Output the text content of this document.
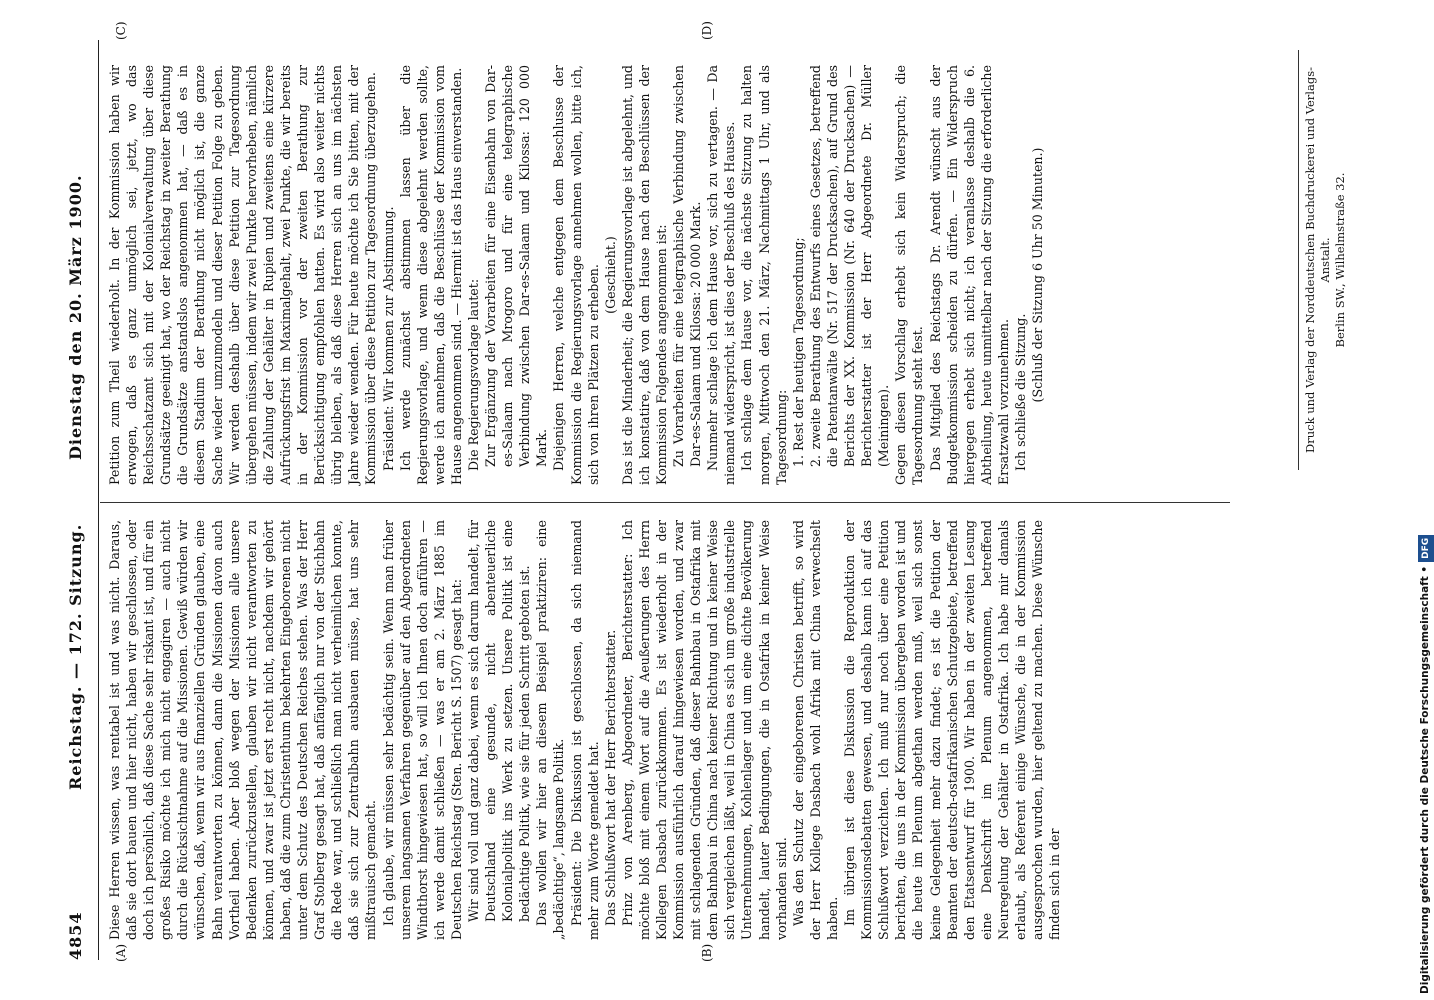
4854
Reichstag. — 172. Sitzung.
Dienstag den 20. März 1900.
(A)	(B)
(C)	(D)

Diese Herren wissen, was rentabel ist und was nicht. Daraus, daß sie dort bauen und hier nicht, haben wir geschlossen, oder doch ich persönlich, daß diese Sache sehr riskant ist, und für ein großes Risiko möchte ich mich nicht engagiren — auch nicht durch die Rücksichtnahme auf die Missionen. Gewiß würden wir wünschen, daß, wenn wir aus finanziellen Gründen glauben, eine Bahn verantworten zu können, dann die Missionen davon auch Vortheil haben. Aber bloß wegen der Missionen alle unsere Bedenken zurückzustellen, glauben wir nicht verantworten zu können, und zwar ist jetzt erst recht nicht, nachdem wir gehört haben, daß die zum Christenthum bekehrten Eingeborenen nicht unter dem Schutz des Deutschen Reiches stehen. Was der Herr Graf Stolberg gesagt hat, daß anfänglich nur von der Stichbahn die Rede war, und schließlich man nicht verheimlichen konnte, daß sie sich zur Zentralbahn ausbauen müsse, hat uns sehr mißtrauisch gemacht. Ich glaube, wir müssen sehr bedächtig sein. Wenn man früher unserem langsamen Verfahren gegenüber auf den Abgeordneten Windthorst hingewiesen hat, so will ich Ihnen doch anführen — ich werde damit schließen — was er am 2. März 1885 im Deutschen Reichstag (Sten. Bericht S. 1507) gesagt hat: Wir sind voll und ganz dabei, wenn es sich darum handelt, für Deutschland eine gesunde, nicht abenteuerliche Kolonialpolitik ins Werk zu setzen. Unsere Politik ist eine bedächtige Politik, wie sie für jeden Schritt geboten ist. Das wollen wir hier an diesem Beispiel praktiziren: eine „bedächtige“, langsame Politik. Präsident: Die Diskussion ist geschlossen, da sich niemand mehr zum Worte gemeldet hat. Das Schlußwort hat der Herr Berichterstatter. Prinz von Arenberg, Abgeordneter, Berichterstatter: Ich möchte bloß mit einem Wort auf die Aeußerungen des Herrn Kollegen Dasbach zurückkommen. Es ist wiederholt in der Kommission ausführlich darauf hingewiesen worden, und zwar mit schlagenden Gründen, daß dieser Bahnbau in Ostafrika mit dem Bahnbau in China nach keiner Richtung und in keiner Weise sich vergleichen läßt, weil in China es sich um große industrielle Unternehmungen, Kohlenlager und um eine dichte Bevölkerung handelt, lauter Bedingungen, die in Ostafrika in keiner Weise vorhanden sind. Was den Schutz der eingeborenen Christen betrifft, so wird der Herr Kollege Dasbach wohl Afrika mit China verwechselt haben. Im übrigen ist diese Diskussion die Reproduktion der Kommissionsdebatten gewesen, und deshalb kann ich auf das Schlußwort verzichten. Ich muß nur noch über eine Petition berichten, die uns in der Kommission übergeben worden ist und die heute im Plenum abgethan werden muß, weil sich sonst keine Gelegenheit mehr dazu findet; es ist die Petition der Beamten der deutsch-ostafrikanischen Schutzgebiete, betreffend den Etatsentwurf für 1900. Wir haben in der zweiten Lesung eine Denkschrift im Plenum angenommen, betreffend Neuregelung der Gehälter in Ostafrika. Ich habe mir damals erlaubt, als Referent einige Wünsche, die in der Kommission ausgesprochen wurden, hier geltend zu machen. Diese Wünsche finden sich in der

Petition zum Theil wiederholt. In der Kommission haben wir erwogen, daß es ganz unmöglich sei, jetzt, wo das Reichsschatzamt sich mit der Kolonialverwaltung über diese Grundsätze geeinigt hat, wo der Reichstag in zweiter Berathung die Grundsätze anstandslos angenommen hat, — daß es in diesem Stadium der Berathung nicht möglich ist, die ganze Sache wieder umzumodeln und dieser Petition Folge zu geben. Wir werden deshalb über diese Petition zur Tagesordnung übergehen müssen, indem wir zwei Punkte hervorheben, nämlich die Zahlung der Gehälter in Rupien und zweitens eine kürzere Aufrückungsfrist im Maximalgehalt, zwei Punkte, die wir bereits in der Kommission vor der zweiten Berathung zur Berücksichtigung empfohlen hatten. Es wird also weiter nichts übrig bleiben, als daß diese Herren sich an uns im nächsten Jahre wieder wenden. Für heute möchte ich Sie bitten, mit der Kommission über diese Petition zur Tagesordnung überzugehen. Präsident: Wir kommen zur Abstimmung. Ich werde zunächst abstimmen lassen über die Regierungsvorlage, und wenn diese abgelehnt werden sollte, werde ich annehmen, daß die Beschlüsse der Kommission vom Hause angenommen sind. — Hiermit ist das Haus einverstanden. Die Regierungsvorlage lautet: Zur Ergänzung der Vorarbeiten für eine Eisenbahn von Dar-es-Salaam nach Mrogoro und für eine telegraphische Verbindung zwischen Dar-es-Salaam und Kilossa: 120 000 Mark. Diejenigen Herren, welche entgegen dem Beschlusse der Kommission die Regierungsvorlage annehmen wollen, bitte ich, sich von ihren Plätzen zu erheben. (Geschieht.) Das ist die Minderheit; die Regierungsvorlage ist abgelehnt, und ich konstatire, daß von dem Hause nach den Beschlüssen der Kommission Folgendes angenommen ist: Zu Vorarbeiten für eine telegraphische Verbindung zwischen Dar-es-Salaam und Kilossa: 20 000 Mark. Nunmehr schlage ich dem Hause vor, sich zu vertagen. — Da niemand widerspricht, ist dies der Beschluß des Hauses. Ich schlage dem Hause vor, die nächste Sitzung zu halten morgen, Mittwoch den 21. März, Nachmittags 1 Uhr, und als Tagesordnung: 1. Rest der heutigen Tagesordnung; 2. zweite Berathung des Entwurfs eines Gesetzes, betreffend die Patentanwälte (Nr. 517 der Drucksachen), auf Grund des Berichts der XX. Kommission (Nr. 640 der Drucksachen) — Berichterstatter ist der Herr Abgeordnete Dr. Müller (Meiningen). Gegen diesen Vorschlag erhebt sich kein Widerspruch; die Tagesordnung steht fest. Das Mitglied des Reichstags Dr. Arendt wünscht aus der Budgetkommission scheiden zu dürfen. — Ein Widerspruch hiergegen erhebt sich nicht; ich veranlasse deshalb die 6. Abtheilung, heute unmittelbar nach der Sitzung die erforderliche Ersatzwahl vorzunehmen. Ich schließe die Sitzung. (Schluß der Sitzung 6 Uhr 50 Minuten.)	Druck und Verlag der Norddeutschen Buchdruckerei und Verlags-Anstalt. Berlin SW., Wilhelmstraße 32.
Digitalisierung gefördert durch die Deutsche Forschungsgemeinschaft •DFG
